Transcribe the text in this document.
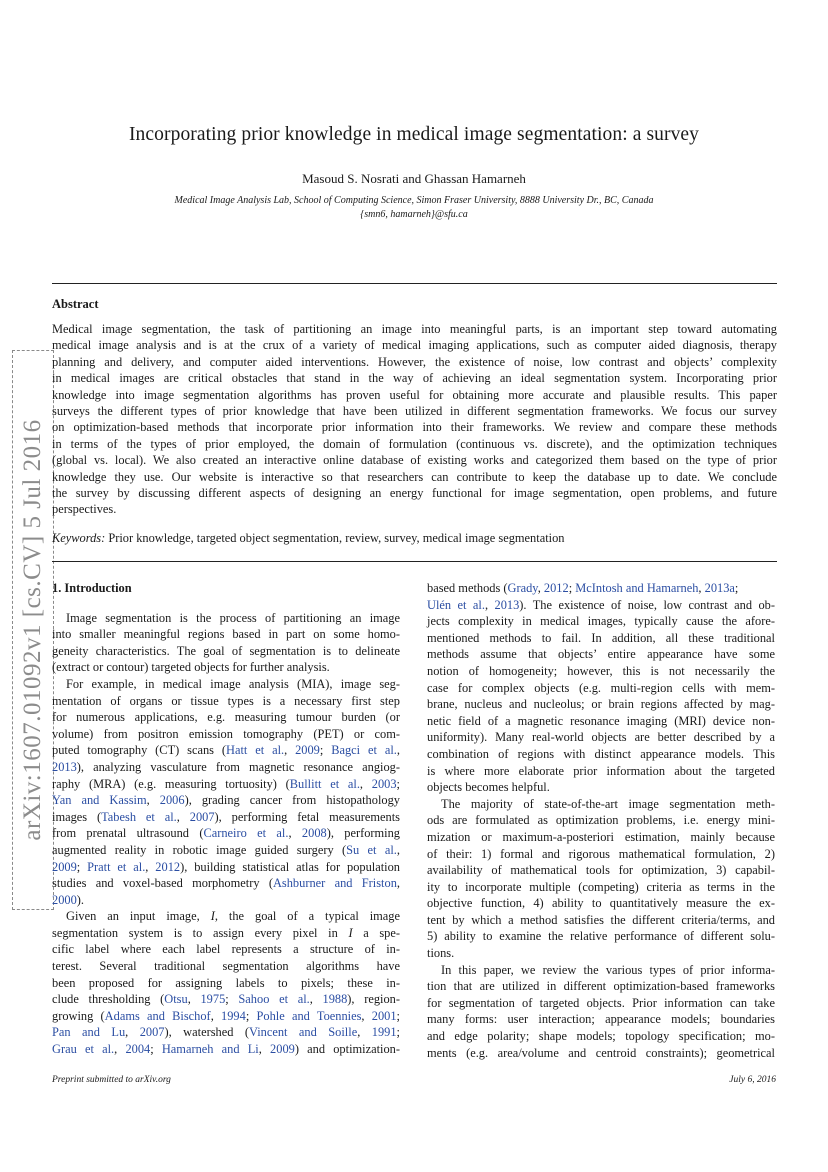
arXiv:1607.01092v1 [cs.CV] 5 Jul 2016
Incorporating prior knowledge in medical image segmentation: a survey
Masoud S. Nosrati and Ghassan Hamarneh
Medical Image Analysis Lab, School of Computing Science, Simon Fraser University, 8888 University Dr., BC, Canada
{smn6, hamarneh}@sfu.ca
Abstract
Medical image segmentation, the task of partitioning an image into meaningful parts, is an important step toward automating
medical image analysis and is at the crux of a variety of medical imaging applications, such as computer aided diagnosis, therapy
planning and delivery, and computer aided interventions. However, the existence of noise, low contrast and objects’ complexity
in medical images are critical obstacles that stand in the way of achieving an ideal segmentation system. Incorporating prior
knowledge into image segmentation algorithms has proven useful for obtaining more accurate and plausible results. This paper
surveys the different types of prior knowledge that have been utilized in different segmentation frameworks. We focus our survey
on optimization-based methods that incorporate prior information into their frameworks. We review and compare these methods
in terms of the types of prior employed, the domain of formulation (continuous vs. discrete), and the optimization techniques
(global vs. local). We also created an interactive online database of existing works and categorized them based on the type of prior
knowledge they use. Our website is interactive so that researchers can contribute to keep the database up to date. We conclude
the survey by discussing different aspects of designing an energy functional for image segmentation, open problems, and future
perspectives.
Keywords: Prior knowledge, targeted object segmentation, review, survey, medical image segmentation
1. Introduction
Image segmentation is the process of partitioning an image
into smaller meaningful regions based in part on some homo-
geneity characteristics. The goal of segmentation is to delineate
(extract or contour) targeted objects for further analysis.
For example, in medical image analysis (MIA), image seg-
mentation of organs or tissue types is a necessary first step
for numerous applications, e.g. measuring tumour burden (or
volume) from positron emission tomography (PET) or com-
puted tomography (CT) scans (Hatt et al., 2009; Bagci et al.,
2013), analyzing vasculature from magnetic resonance angiog-
raphy (MRA) (e.g. measuring tortuosity) (Bullitt et al., 2003;
Yan and Kassim, 2006), grading cancer from histopathology
images (Tabesh et al., 2007), performing fetal measurements
from prenatal ultrasound (Carneiro et al., 2008), performing
augmented reality in robotic image guided surgery (Su et al.,
2009; Pratt et al., 2012), building statistical atlas for population
studies and voxel-based morphometry (Ashburner and Friston,
2000).
Given an input image, I, the goal of a typical image
segmentation system is to assign every pixel in I a spe-
cific label where each label represents a structure of in-
terest. Several traditional segmentation algorithms have
been proposed for assigning labels to pixels; these in-
clude thresholding (Otsu, 1975; Sahoo et al., 1988), region-
growing (Adams and Bischof, 1994; Pohle and Toennies, 2001;
Pan and Lu, 2007), watershed (Vincent and Soille, 1991;
Grau et al., 2004; Hamarneh and Li, 2009) and optimization-
based methods (Grady, 2012; McIntosh and Hamarneh, 2013a;
Ulén et al., 2013). The existence of noise, low contrast and ob-
jects complexity in medical images, typically cause the afore-
mentioned methods to fail. In addition, all these traditional
methods assume that objects’ entire appearance have some
notion of homogeneity; however, this is not necessarily the
case for complex objects (e.g. multi-region cells with mem-
brane, nucleus and nucleolus; or brain regions affected by mag-
netic field of a magnetic resonance imaging (MRI) device non-
uniformity). Many real-world objects are better described by a
combination of regions with distinct appearance models. This
is where more elaborate prior information about the targeted
objects becomes helpful.
The majority of state-of-the-art image segmentation meth-
ods are formulated as optimization problems, i.e. energy mini-
mization or maximum-a-posteriori estimation, mainly because
of their: 1) formal and rigorous mathematical formulation, 2)
availability of mathematical tools for optimization, 3) capabil-
ity to incorporate multiple (competing) criteria as terms in the
objective function, 4) ability to quantitatively measure the ex-
tent by which a method satisfies the different criteria/terms, and
5) ability to examine the relative performance of different solu-
tions.
In this paper, we review the various types of prior informa-
tion that are utilized in different optimization-based frameworks
for segmentation of targeted objects. Prior information can take
many forms: user interaction; appearance models; boundaries
and edge polarity; shape models; topology specification; mo-
ments (e.g. area/volume and centroid constraints); geometrical
Preprint submitted to arXiv.org	July 6, 2016
